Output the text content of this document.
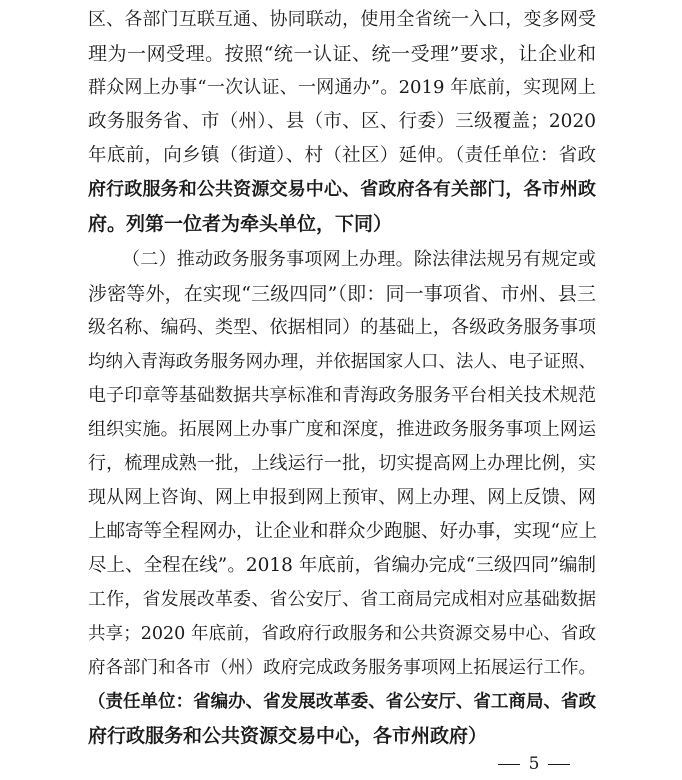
区、各部门互联互通、协同联动，使用全省统一入口，变多网受
理为一网受理。按照“统一认证、统一受理”要求，让企业和
群众网上办事“一次认证、一网通办”。2019 年底前，实现网上
政务服务省、市（州）、县（市、区、行委）三级覆盖；2020
年底前，向乡镇（街道）、村（社区）延伸。（责任单位：省政
府行政服务和公共资源交易中心、省政府各有关部门，各市州政
府。列第一位者为牵头单位，下同）
（二）推动政务服务事项网上办理。除法律法规另有规定或
涉密等外，在实现“三级四同”（即：同一事项省、市州、县三
级名称、编码、类型、依据相同）的基础上，各级政务服务事项
均纳入青海政务服务网办理，并依据国家人口、法人、电子证照、
电子印章等基础数据共享标准和青海政务服务平台相关技术规范
组织实施。拓展网上办事广度和深度，推进政务服务事项上网运
行，梳理成熟一批，上线运行一批，切实提高网上办理比例，实
现从网上咨询、网上申报到网上预审、网上办理、网上反馈、网
上邮寄等全程网办，让企业和群众少跑腿、好办事，实现“应上
尽上、全程在线”。2018 年底前，省编办完成“三级四同”编制
工作，省发展改革委、省公安厅、省工商局完成相对应基础数据
共享；2020 年底前，省政府行政服务和公共资源交易中心、省政
府各部门和各市（州）政府完成政务服务事项网上拓展运行工作。
（责任单位：省编办、省发展改革委、省公安厅、省工商局、省政
府行政服务和公共资源交易中心，各市州政府）
5
